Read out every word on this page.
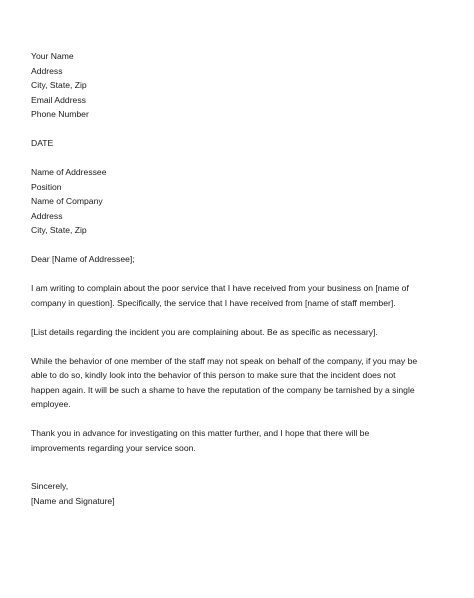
Your Name
Address
City, State, Zip
Email Address
Phone Number
DATE
Name of Addressee
Position
Name of Company
Address
City, State, Zip
Dear [Name of Addressee];
I am writing to complain about the poor service that I have received from your business on [name of
company in question]. Specifically, the service that I have received from [name of staff member].
[List details regarding the incident you are complaining about. Be as specific as necessary].
While the behavior of one member of the staff may not speak on behalf of the company, if you may be
able to do so, kindly look into the behavior of this person to make sure that the incident does not
happen again. It will be such a shame to have the reputation of the company be tarnished by a single
employee.
Thank you in advance for investigating on this matter further, and I hope that there will be
improvements regarding your service soon.
Sincerely,
[Name and Signature]
